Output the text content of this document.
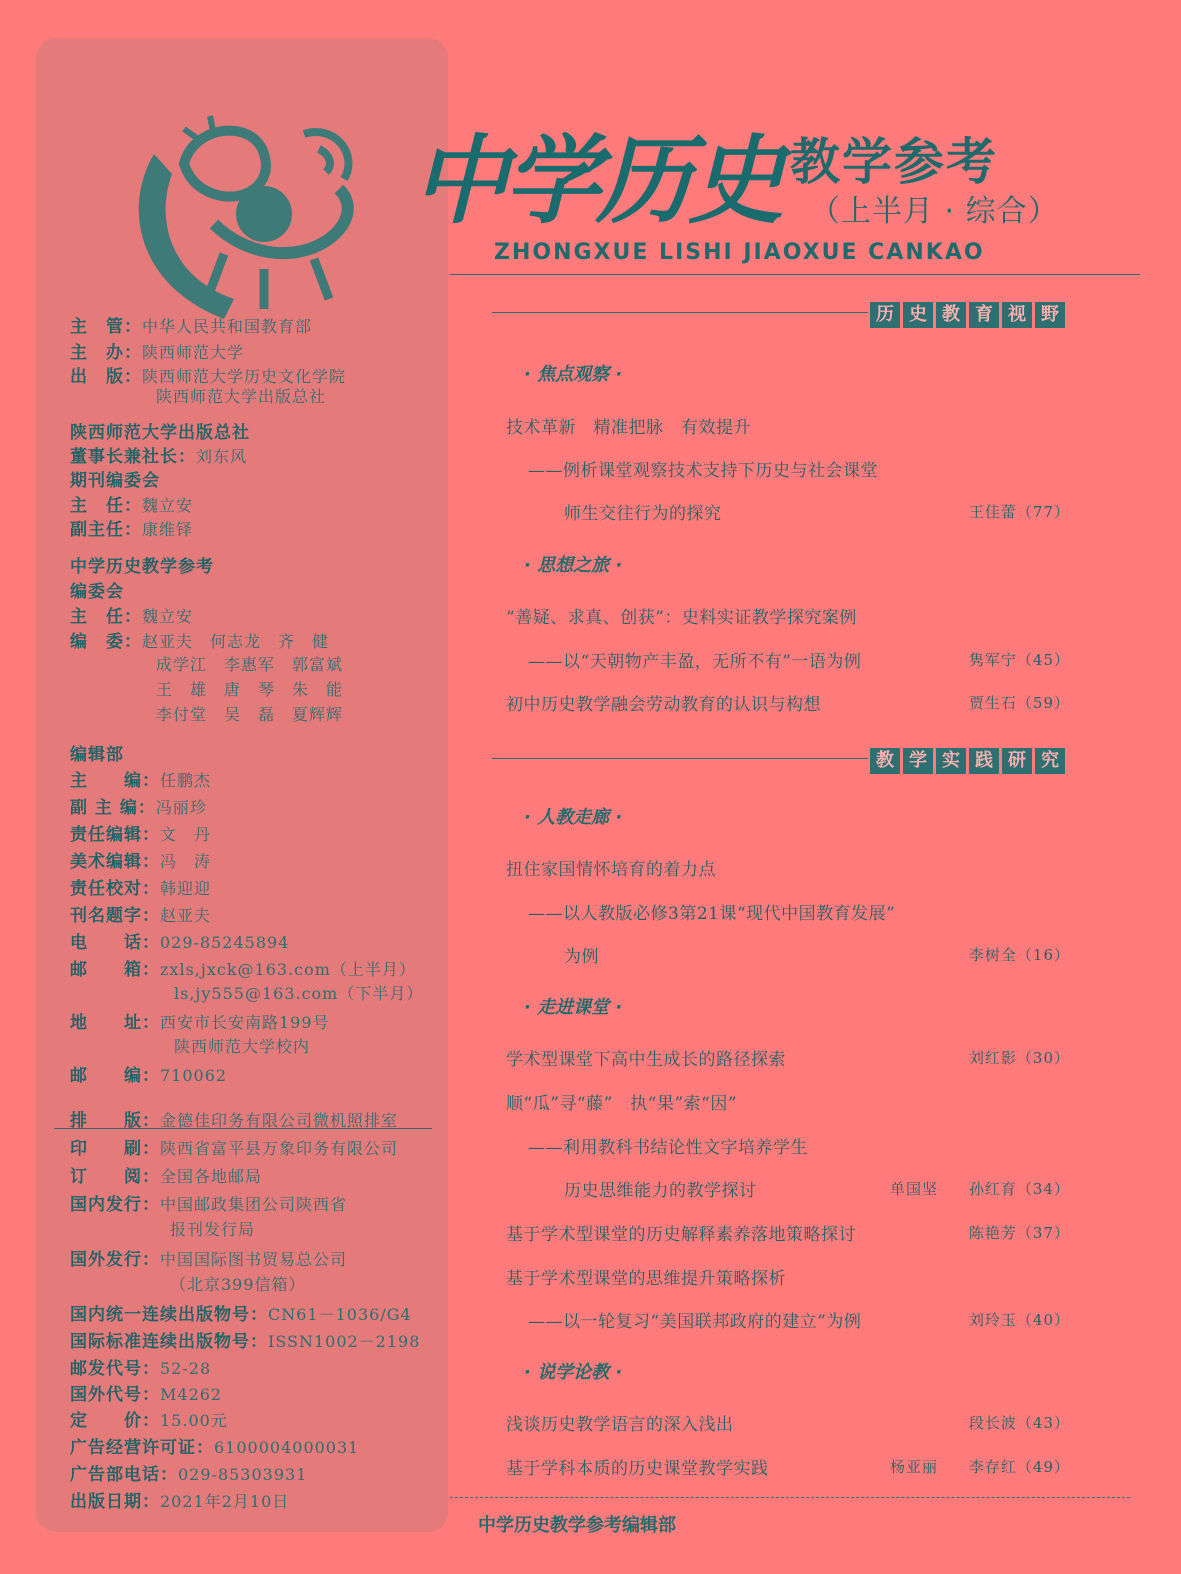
主　管：中华人民共和国教育部
主　办：陕西师范大学
出　版：陕西师范大学历史文化学院
陕西师范大学出版总社
陕西师范大学出版总社
董事长兼社长：刘东风
期刊编委会
主　任：魏立安
副主任：康维铎
中学历史教学参考
编委会
主　任：魏立安
编　委：赵亚夫　何志龙　齐　健
成学江　李惠军　郭富斌
王　雄　唐　琴　朱　能
李付堂　吴　磊　夏辉辉
编辑部
主　　编：任鹏杰
副 主 编：冯丽珍
责任编辑：文　丹
美术编辑：冯　涛
责任校对：韩迎迎
刊名题字：赵亚夫
电　　话：029-85245894
邮　　箱：zxls,jxck@163.com（上半月）
ls,jy555@163.com（下半月）
地　　址：西安市长安南路199号
陕西师范大学校内
邮　　编：710062
排　　版：金德佳印务有限公司微机照排室
印　　刷：陕西省富平县万象印务有限公司
订　　阅：全国各地邮局
国内发行：中国邮政集团公司陕西省
报刊发行局
国外发行：中国国际图书贸易总公司
（北京399信箱）
国内统一连续出版物号：CN61－1036/G4
国际标准连续出版物号：ISSN1002－2198
邮发代号：52-28
国外代号：M4262
定　　价：15.00元
广告经营许可证：6100004000031
广告部电话：029-85303931
出版日期：2021年2月10日
中学历史 教学参考
（上半月 · 综合）
ZHONGXUE LISHI JIAOXUE CANKAO
历 史 教 育 视 野
· 焦点观察 ·
技术革新　精准把脉　有效提升
——例析课堂观察技术支持下历史与社会课堂
师生交往行为的探究	王佳蕾（77）
· 思想之旅 ·
“善疑、求真、创获”：史料实证教学探究案例
——以“天朝物产丰盈，无所不有”一语为例	隽军宁（45）
初中历史教学融会劳动教育的认识与构想	贾生石（59）
教 学 实 践 研 究
· 人教走廊 ·
扭住家国情怀培育的着力点
——以人教版必修3第21课“现代中国教育发展”
为例	李树全（16）
· 走进课堂 ·
学术型课堂下高中生成长的路径探索	刘红影（30）
顺“瓜”寻“藤”　执“果”索“因”
——利用教科书结论性文字培养学生
历史思维能力的教学探讨	单国坚 孙红育（34）
基于学术型课堂的历史解释素养落地策略探讨	陈艳芳（37）
基于学术型课堂的思维提升策略探析
——以一轮复习“美国联邦政府的建立”为例	刘玲玉（40）
· 说学论教 ·
浅谈历史教学语言的深入浅出	段长波（43）
基于学科本质的历史课堂教学实践	杨亚丽 李存红（49）
中学历史教学参考编辑部
